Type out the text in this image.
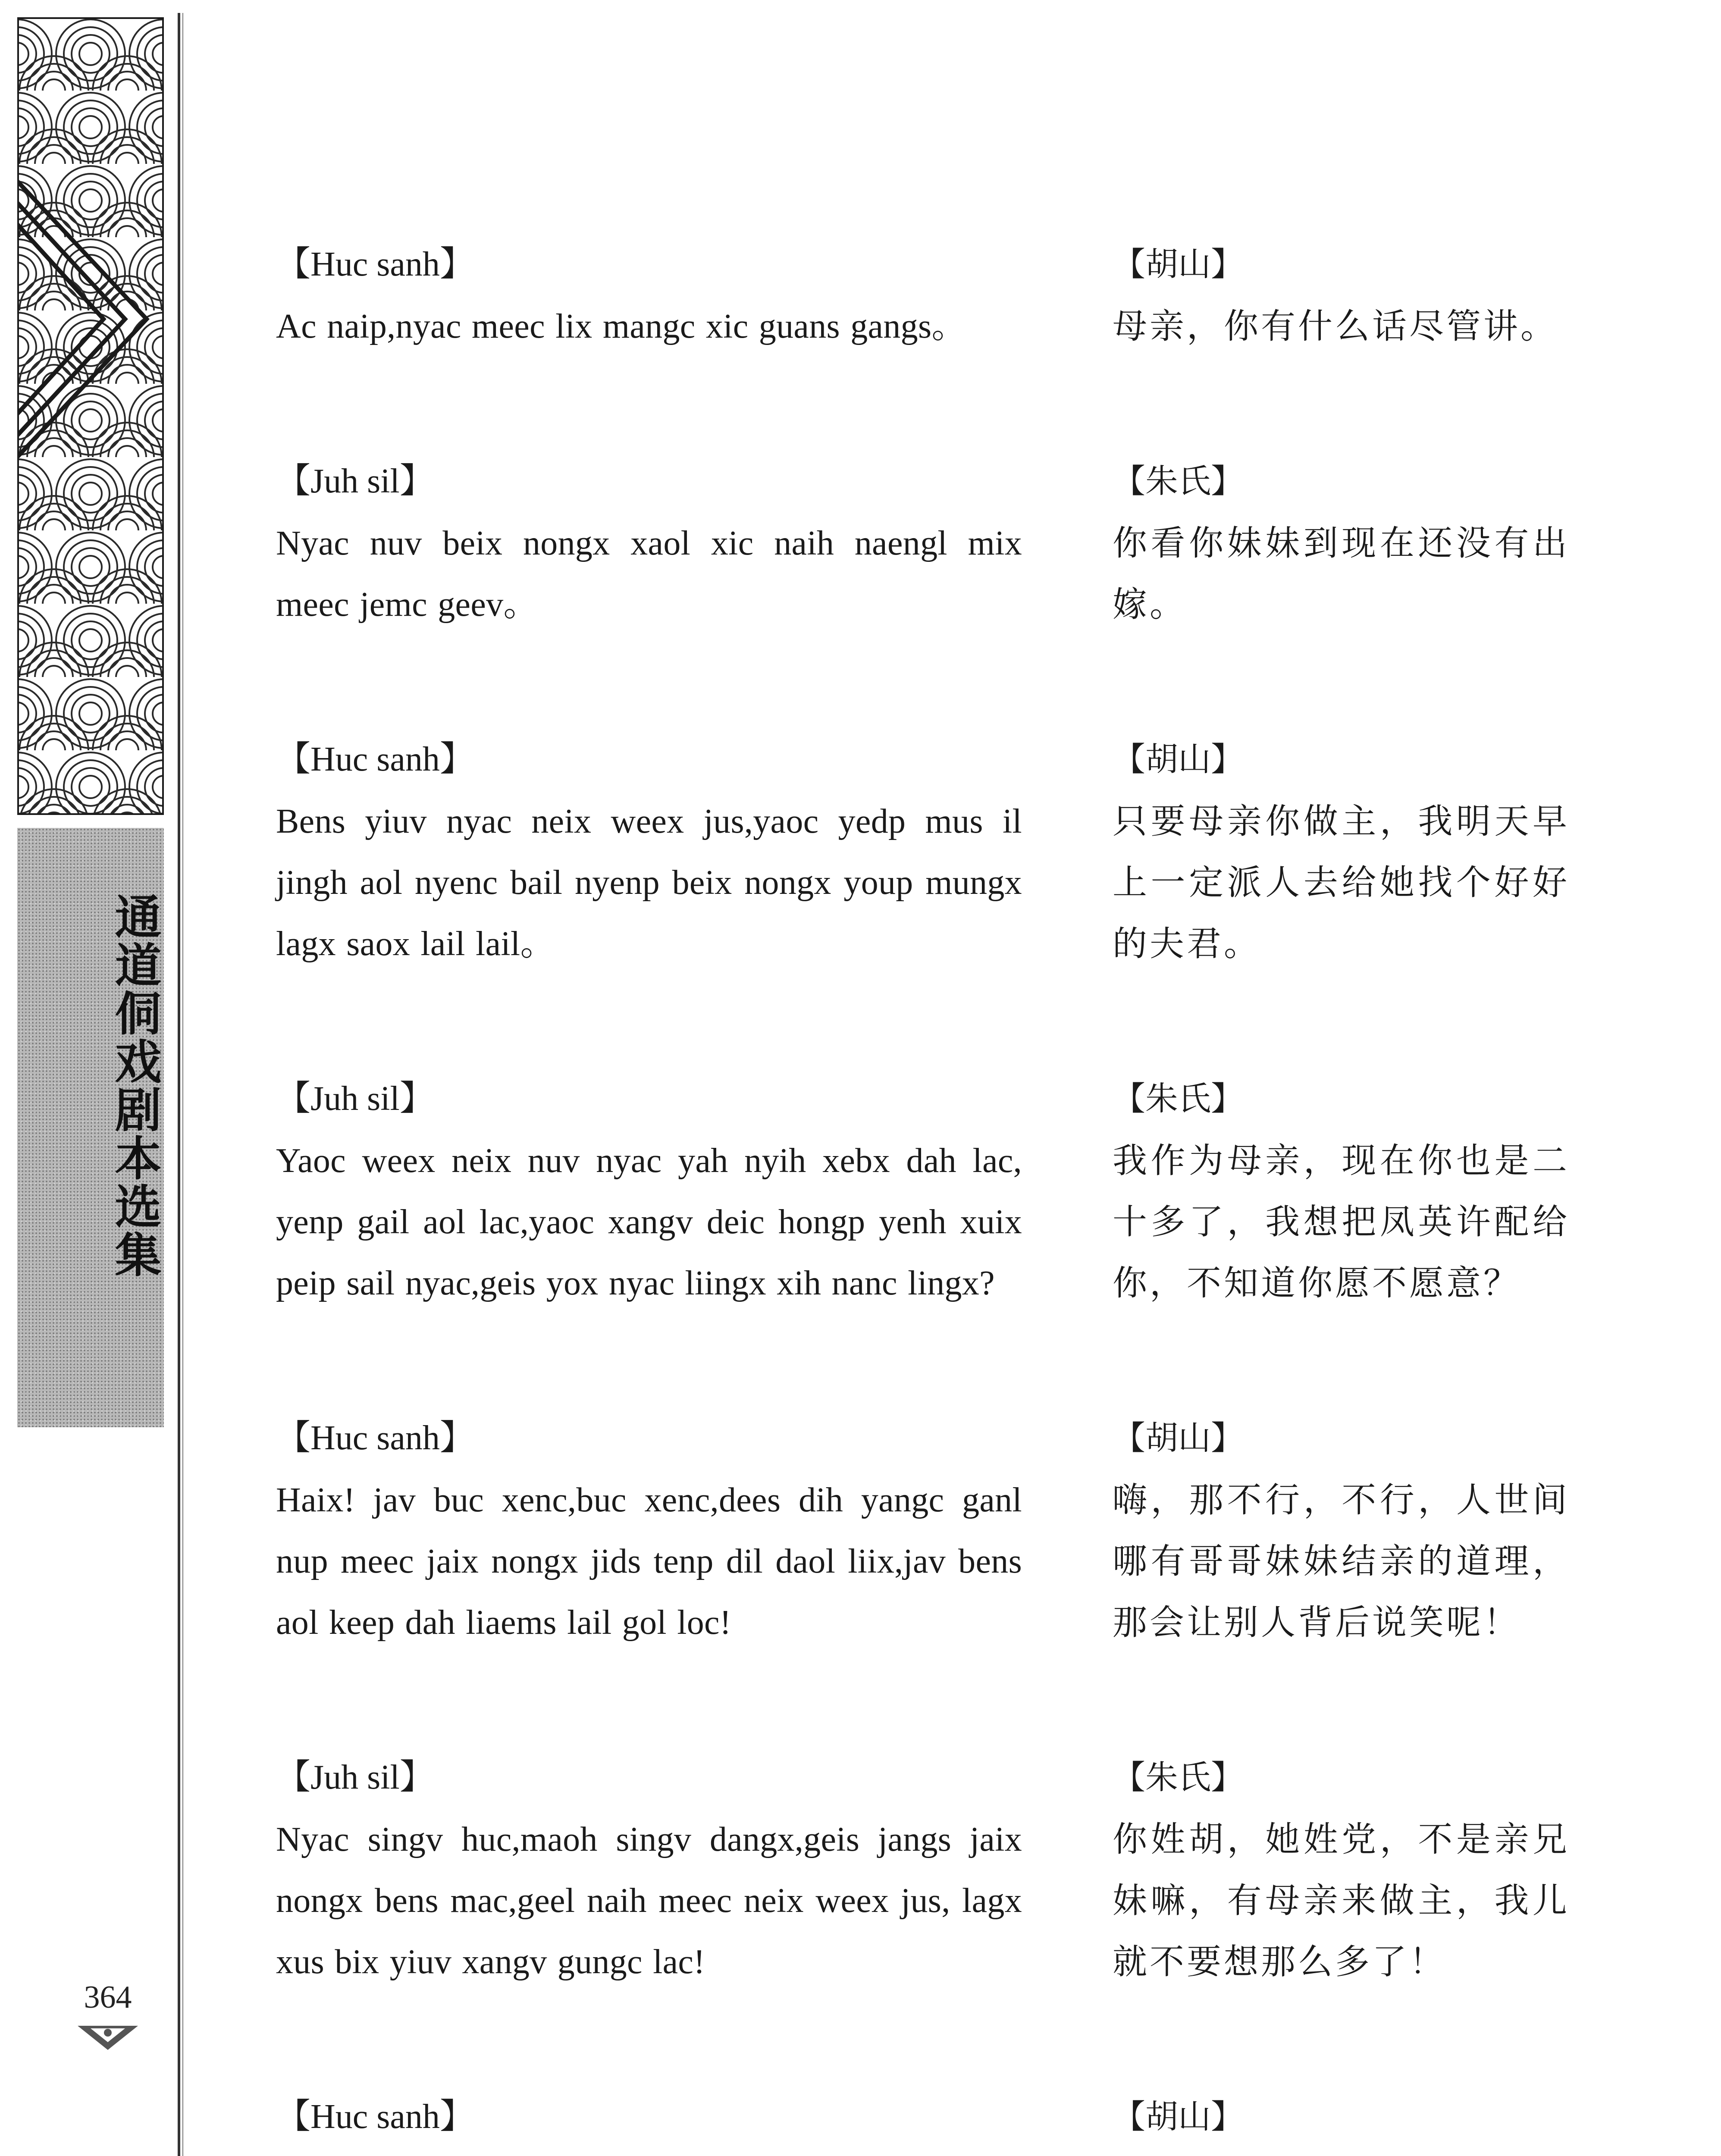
通道侗戏剧本选集
364
【Huc sanh】
Ac naip,nyac meec lix mangc xic guans gangs。
【胡山】
母亲，你有什么话尽管讲。
【Juh sil】
Nyac nuv beix nongx xaol xic naih naengl mix meec jemc geev。
【朱氏】
你看你妹妹到现在还没有出嫁。
【Huc sanh】
Bens yiuv nyac neix weex jus,yaoc yedp mus il jingh aol nyenc bail nyenp beix nongx youp mungx lagx saox lail lail。
【胡山】
只要母亲你做主，我明天早上一定派人去给她找个好好的夫君。
【Juh sil】
Yaoc weex neix nuv nyac yah nyih xebx dah lac, yenp gail aol lac,yaoc xangv deic hongp yenh xuix peip sail nyac,geis yox nyac liingx xih nanc lingx?
【朱氏】
我作为母亲，现在你也是二十多了，我想把凤英许配给你，不知道你愿不愿意？
【Huc sanh】
Haix! jav buc xenc,buc xenc,dees dih yangc ganl nup meec jaix nongx jids tenp dil daol liix,jav bens aol keep dah liaems lail gol loc!
【胡山】
嗨，那不行，不行，人世间哪有哥哥妹妹结亲的道理，那会让别人背后说笑呢！
【Juh sil】
Nyac singv huc,maoh singv dangx,geis jangs jaix nongx bens mac,geel naih meec neix weex jus, lagx xus bix yiuv xangv gungc lac!
【朱氏】
你姓胡，她姓党，不是亲兄妹嘛，有母亲来做主，我儿就不要想那么多了！
【Huc sanh】	【胡山】
